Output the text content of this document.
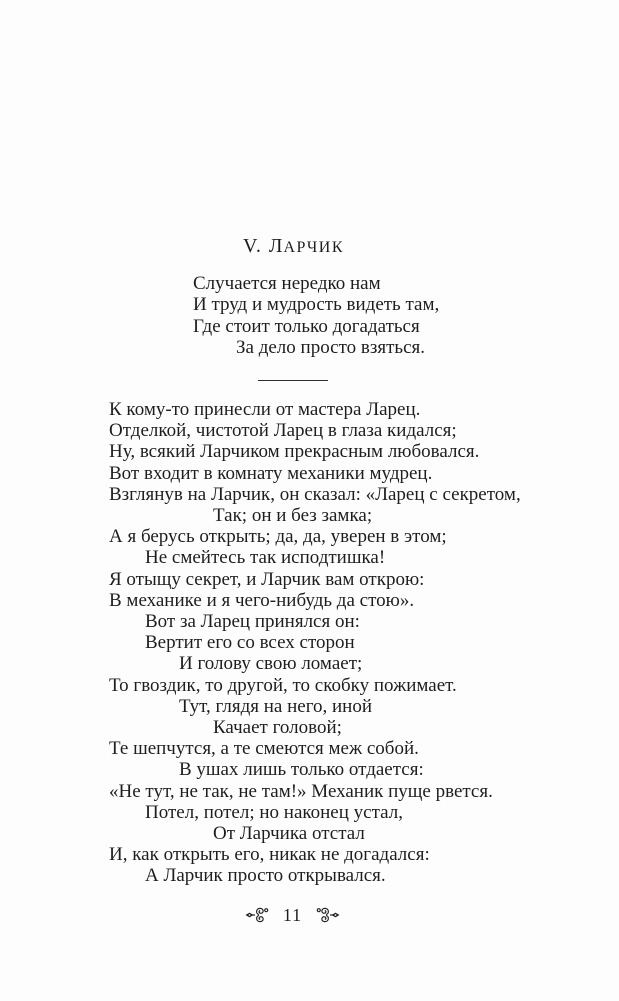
V. ЛАРЧИК
Случается нередко нам
И труд и мудрость видеть там,
Где стоит только догадаться
За дело просто взяться.
К кому-то принесли от мастера Ларец.
Отделкой, чистотой Ларец в глаза кидался;
Ну, всякий Ларчиком прекрасным любовался.
Вот входит в комнату механики мудрец.
Взглянув на Ларчик, он сказал: «Ларец с секретом,
Так; он и без замка;
А я берусь открыть; да, да, уверен в этом;
Не смейтесь так исподтишка!
Я отыщу секрет, и Ларчик вам открою:
В механике и я чего-нибудь да стою».
Вот за Ларец принялся он:
Вертит его со всех сторон
И голову свою ломает;
То гвоздик, то другой, то скобку пожимает.
Тут, глядя на него, иной
Качает головой;
Те шепчутся, а те смеются меж собой.
В ушах лишь только отдается:
«Не тут, не так, не там!» Механик пуще рвется.
Потел, потел; но наконец устал,
От Ларчика отстал
И, как открыть его, никак не догадался:
А Ларчик просто открывался.
11
